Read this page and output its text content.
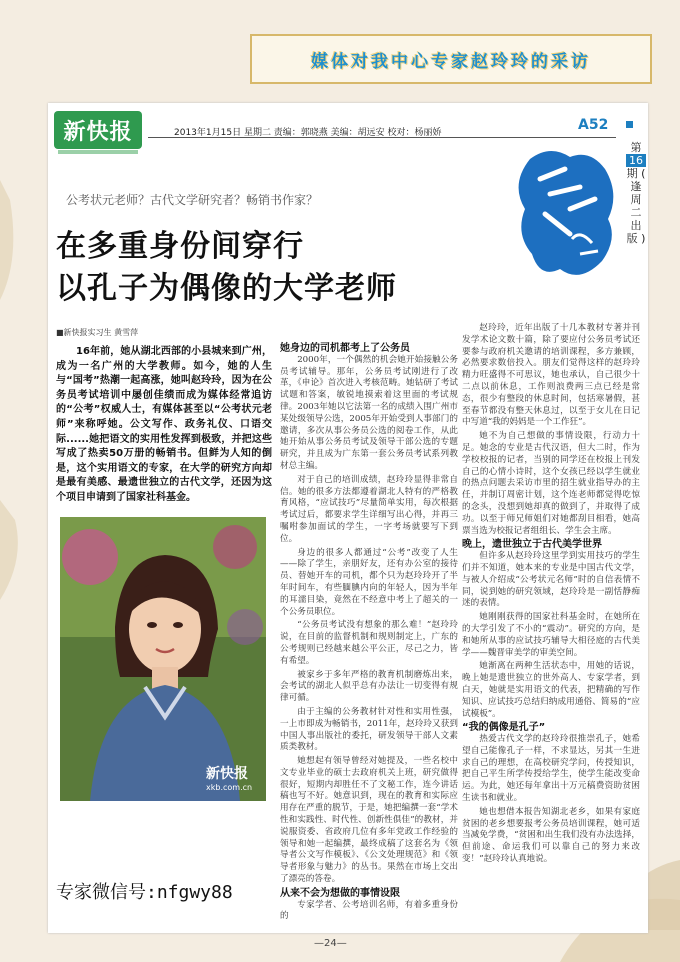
媒体对我中心专家赵玲玲的采访
新快报	2013年1月15日 星期二 责编：郭晓燕 美编：胡远安 校对：杨丽娇	A52
第
16
期 ( 逢 周 二 出 版 )
公考状元老师？古代文学研究者？畅销书作家？
在多重身份间穿行
以孔子为偶像的大学老师
■新快报实习生 黄雪萍

16年前，她从湖北西部的小县城来到广州，成为一名广州的大学教师。如今，她的人生与“国考”热潮一起高涨，她叫赵玲玲，因为在公务员考试培训中屡创佳绩而成为媒体经常追访的“公考”权威人士，有媒体甚至以“公考状元老师”来称呼她。公文写作、政务礼仪、口语交际......她把语文的实用性发挥到极致，并把这些写成了热卖50万册的畅销书。但鲜为人知的倒是，这个实用语文的专家，在大学的研究方向却是最有美感、最遗世独立的古代文学，还因为这个项目申请到了国家社科基金。

新快报
xkb.com.cn
她身边的司机都考上了公务员

2000年，一个偶然的机会她开始接触公务员考试辅导。那年，公务员考试刚进行了改革，《申论》首次进入考核范畴。她钻研了考试试题和答案，敏锐地摸索着这里面的考试规律。2003年她以它法第一名的成绩入围广州市某处级领导公选，2005年开始受到人事部门的邀请，多次从事公务员公选的阅卷工作，从此她开始从事公务员考试及领导干部公选的专题研究，并且成为广东第一套公务员考试系列教材总主编。

对于自己的培训成绩，赵玲玲显得非常自信。她的很多方法都遵着湖北人特有的严格教育风格，“应试技巧”尽量简单实用，每次根据考试过后，都要求学生详细写出心得，并再三嘱咐参加面试的学生，一字考场就要写下到位。

身边的很多人都通过“公考”改变了人生——除了学生，亲朋好友，还有办公室的接待员、替她开车的司机，都个只为赵玲玲开了半年时间车，有些腼腆内向的年轻人，因为半年的耳濡目染，竟然在不经意中考上了超关的一个公务员职位。

“公务员考试没有想象的那么难！”赵玲玲说，在目前的监督机制和规则制定上，广东的公考规则已经越来越公平公正，尽己之力，皆有希望。

被家乡于多年严格的教育机制磨炼出来，会考试的湖北人似乎总有办法让一切变得有规律可循。

由于主编的公务教材针对性和实用性强，一上市即成为畅销书，2011年，赵玲玲又获到中国人事出版社的委托，研发领导干部人文素质类教材。

她想起有领导曾经对她提及，一些名校中文专业毕业的硕士去政府机关上班，研究做得很好，短期内却胜任不了文秘工作，连今讲话稿也写不好。她意识到，现在的教育和实际应用存在严重的脱节，于是，她把编撰一套“学术性和实践性、时代性、创新性俱佳”的教材，并说服资委、省政府几位有多年党政工作经验的领导和她一起编撰，最终成稿了这套名为《领导者公文写作模板》、《公文处理规范》和《领导者形象与魅力》的丛书。果然在市场上交出了漂亮的答卷。

从来不会为想做的事情设限

专家学者、公考培训名师，有着多重身份的

赵玲玲，近年出版了十几本教材专著并刊发学术论文数十篇，除了要应付公务员考试还要参与政府机关邀请的培训课程，多方兼顾，必然要求数倍投入。朋友们觉得这样的赵玲玲精力旺盛得不可思议，她也承认，自己很少十二点以前休息，工作则浪费两三点已经是常态，很少有整段的休息时间，包括寒暑假，甚至春节都没有整天休息过，以至于女儿在日记中写道“我的妈妈是一个工作狂”。

她不为自己想做的事情设限，行动力十足。她念的专业是古代汉语，但大二时，作为学校校报的记者，当别的同学还在校报上刊发自己的心情小诗时，这个女孩已经以学生就业的热点问题去采访市里的招生就业指导办的主任，并制订周密计划，这个连老师都觉得吃惊的念头，没想到她却真的做到了，并取得了成功。以至于师兄师姐们对她都刮目相看，她高票当选为校报记者组组长、学生会主席。

晚上，遗世独立于古代美学世界

但许多从赵玲玲这里学到实用技巧的学生们并不知道，她本来的专业是中国古代文学，与被人介绍成“公考状元名师”时的自信表情不同，说到她的研究领域，赵玲玲是一副恬静痴迷的表情。

她刚刚获得的国家社科基金时，在她所在的大学引发了不小的“震动”。研究的方向，是和她所从事的应试技巧辅导大相径庭的古代美学——魏晋审美学的审美空间。

她渐离在两种生活状态中，用她的话说，晚上她是遗世独立的世外高人、专家学者，到白天，她就是实用语文的代表，把精确的写作知识、应试技巧总结归纳成用通俗、简易的“应试模板”。

“我的偶像是孔子”

热爱古代文学的赵玲玲很推崇孔子，她希望自己能像孔子一样，不求显达，另其一生进求自己的理想，在高校研究学问，传授知识，把自己平生所学传授给学生，使学生能改变命运。为此，她还每年拿出十万元稿费资助贫困生读书和就业。

她也想借本报告知湖北老乡，如果有家庭贫困的老乡想要报考公务员培训课程，她可适当减免学费，“贫困和出生我们没有办法选择，但前途、命运我们可以靠自己的努力来改变！”赵玲玲认真地说。

专家微信号:nfgwy88
—24—
